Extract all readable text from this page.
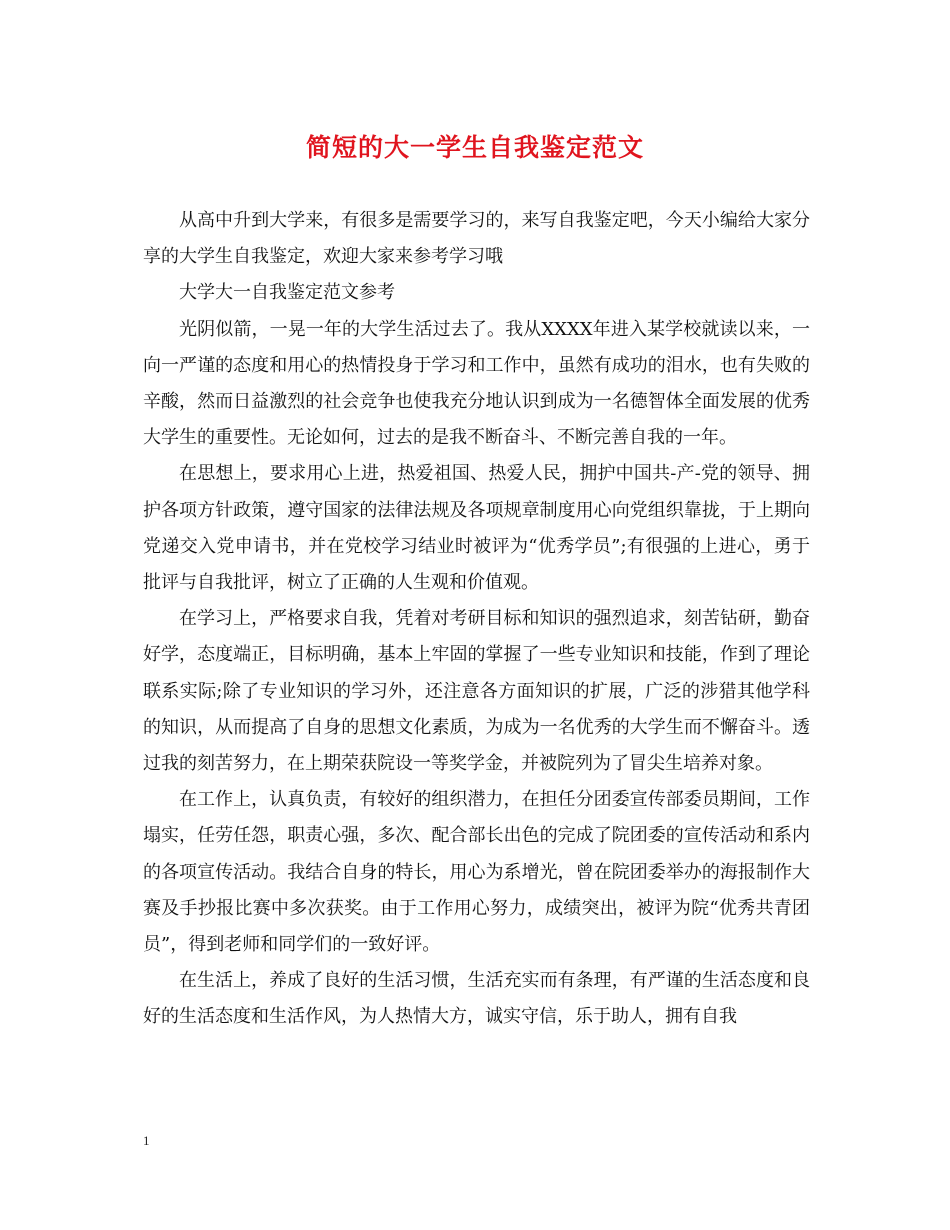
简短的大一学生自我鉴定范文

从高中升到大学来，有很多是需要学习的，来写自我鉴定吧，今天小编给大家分享的大学生自我鉴定，欢迎大家来参考学习哦

大学大一自我鉴定范文参考

光阴似箭，一晃一年的大学生活过去了。我从XXXX年进入某学校就读以来，一向一严谨的态度和用心的热情投身于学习和工作中，虽然有成功的泪水，也有失败的辛酸，然而日益激烈的社会竞争也使我充分地认识到成为一名德智体全面发展的优秀大学生的重要性。无论如何，过去的是我不断奋斗、不断完善自我的一年。

在思想上，要求用心上进，热爱祖国、热爱人民，拥护中国共-产-党的领导、拥护各项方针政策，遵守国家的法律法规及各项规章制度用心向党组织靠拢，于上期向党递交入党申请书，并在党校学习结业时被评为“优秀学员”;有很强的上进心，勇于批评与自我批评，树立了正确的人生观和价值观。

在学习上，严格要求自我，凭着对考研目标和知识的强烈追求，刻苦钻研，勤奋好学，态度端正，目标明确，基本上牢固的掌握了一些专业知识和技能，作到了理论联系实际;除了专业知识的学习外，还注意各方面知识的扩展，广泛的涉猎其他学科的知识，从而提高了自身的思想文化素质，为成为一名优秀的大学生而不懈奋斗。透过我的刻苦努力，在上期荣获院设一等奖学金，并被院列为了冒尖生培养对象。

在工作上，认真负责，有较好的组织潜力，在担任分团委宣传部委员期间，工作塌实，任劳任怨，职责心强，多次、配合部长出色的完成了院团委的宣传活动和系内的各项宣传活动。我结合自身的特长，用心为系增光，曾在院团委举办的海报制作大赛及手抄报比赛中多次获奖。由于工作用心努力，成绩突出，被评为院“优秀共青团员”，得到老师和同学们的一致好评。

在生活上，养成了良好的生活习惯，生活充实而有条理，有严谨的生活态度和良好的生活态度和生活作风，为人热情大方，诚实守信，乐于助人，拥有自我

1
